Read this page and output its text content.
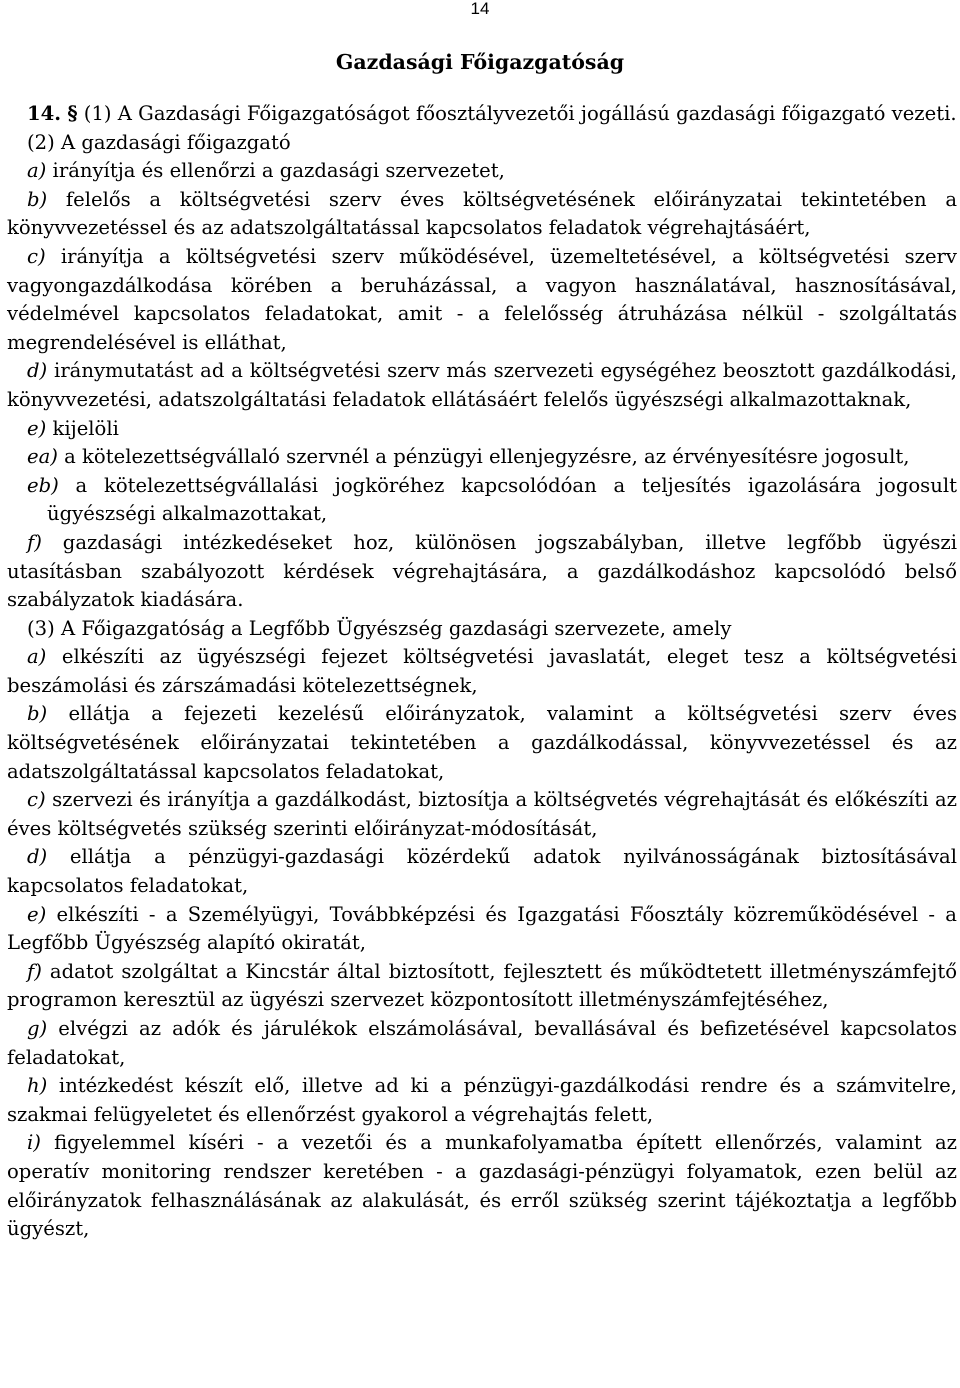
14
Gazdasági Főigazgatóság

14. § (1) A Gazdasági Főigazgatóságot főosztályvezetői jogállású gazdasági főigazgató vezeti.

(2) A gazdasági főigazgató

a) irányítja és ellenőrzi a gazdasági szervezetet,

b) felelős a költségvetési szerv éves költségvetésének előirányzatai tekintetében a könyvvezetéssel és az adatszolgáltatással kapcsolatos feladatok végrehajtásáért,

c) irányítja a költségvetési szerv működésével, üzemeltetésével, a költségvetési szerv vagyongazdálkodása körében a beruházással, a vagyon használatával, hasznosításával, védelmével kapcsolatos feladatokat, amit - a felelősség átruházása nélkül - szolgáltatás megrendelésével is elláthat,

d) iránymutatást ad a költségvetési szerv más szervezeti egységéhez beosztott gazdálkodási, könyvvezetési, adatszolgáltatási feladatok ellátásáért felelős ügyészségi alkalmazottaknak,

e) kijelöli

ea) a kötelezettségvállaló szervnél a pénzügyi ellenjegyzésre, az érvényesítésre jogosult,

eb) a kötelezettségvállalási jogköréhez kapcsolódóan a teljesítés igazolására jogosult ügyészségi alkalmazottakat,

f) gazdasági intézkedéseket hoz, különösen jogszabályban, illetve legfőbb ügyészi utasításban szabályozott kérdések végrehajtására, a gazdálkodáshoz kapcsolódó belső szabályzatok kiadására.

(3) A Főigazgatóság a Legfőbb Ügyészség gazdasági szervezete, amely

a) elkészíti az ügyészségi fejezet költségvetési javaslatát, eleget tesz a költségvetési beszámolási és zárszámadási kötelezettségnek,

b) ellátja a fejezeti kezelésű előirányzatok, valamint a költségvetési szerv éves költségvetésének előirányzatai tekintetében a gazdálkodással, könyvvezetéssel és az adatszolgáltatással kapcsolatos feladatokat,

c) szervezi és irányítja a gazdálkodást, biztosítja a költségvetés végrehajtását és előkészíti az éves költségvetés szükség szerinti előirányzat-módosítását,

d) ellátja a pénzügyi-gazdasági közérdekű adatok nyilvánosságának biztosításával kapcsolatos feladatokat,

e) elkészíti - a Személyügyi, Továbbképzési és Igazgatási Főosztály közreműködésével - a Legfőbb Ügyészség alapító okiratát,

f) adatot szolgáltat a Kincstár által biztosított, fejlesztett és működtetett illetményszámfejtő programon keresztül az ügyészi szervezet központosított illetményszámfejtéséhez,

g) elvégzi az adók és járulékok elszámolásával, bevallásával és befizetésével kapcsolatos feladatokat,

h) intézkedést készít elő, illetve ad ki a pénzügyi-gazdálkodási rendre és a számvitelre, szakmai felügyeletet és ellenőrzést gyakorol a végrehajtás felett,

i) figyelemmel kíséri - a vezetői és a munkafolyamatba épített ellenőrzés, valamint az operatív monitoring rendszer keretében - a gazdasági-pénzügyi folyamatok, ezen belül az előirányzatok felhasználásának az alakulását, és erről szükség szerint tájékoztatja a legfőbb ügyészt,
